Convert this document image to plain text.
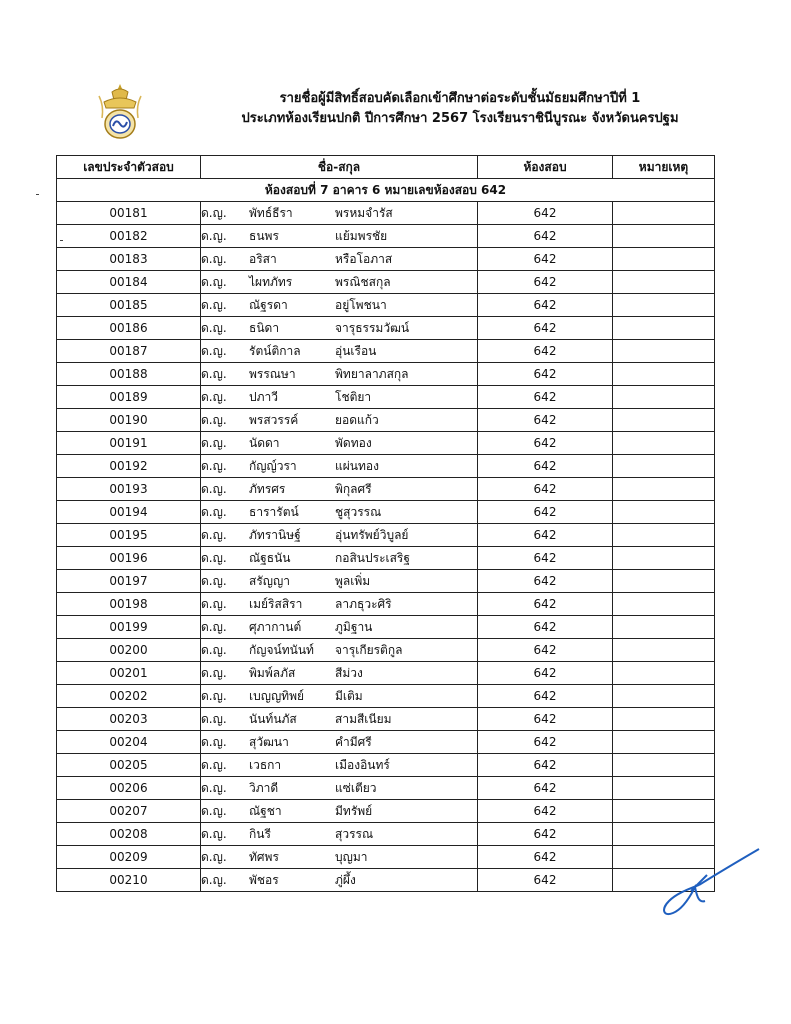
รายชื่อผู้มีสิทธิ์สอบคัดเลือกเข้าศึกษาต่อระดับชั้นมัธยมศึกษาปีที่ 1
ประเภทห้องเรียนปกติ ปีการศึกษา 2567 โรงเรียนราชินีบูรณะ จังหวัดนครปฐม
เลขประจำตัวสอบ	ชื่อ-สกุล	ห้องสอบ	หมายเหตุ
ห้องสอบที่ 7 อาคาร 6 หมายเลขห้องสอบ 642			
00181	ด.ญ. พัทธ์ธีรา พรหมจำรัส	642	
00182	ด.ญ. ธนพร แย้มพรชัย	642	
00183	ด.ญ. อริสา หรือโอภาส	642	
00184	ด.ญ. ไผทภัทร พรณิชสกุล	642	
00185	ด.ญ. ณัฐรดา อยู่โพชนา	642	
00186	ด.ญ. ธนิดา จารุธรรมวัฒน์	642	
00187	ด.ญ. รัตน์ติกาล อุ่นเรือน	642	
00188	ด.ญ. พรรณษา พิทยาลาภสกุล	642	
00189	ด.ญ. ปภาวี โชติยา	642	
00190	ด.ญ. พรสวรรค์ ยอดแก้ว	642	
00191	ด.ญ. นัดดา พัดทอง	642	
00192	ด.ญ. กัญญ์วรา แผ่นทอง	642	
00193	ด.ญ. ภัทรศร พิกุลศรี	642	
00194	ด.ญ. ธารารัตน์ ชูสุวรรณ	642	
00195	ด.ญ. ภัทรานิษฐ์ อุ่นทรัพย์วิบูลย์	642	
00196	ด.ญ. ณัฐธนัน กอสินประเสริฐ	642	
00197	ด.ญ. สรัญญา พูลเพิ่ม	642	
00198	ด.ญ. เมย์ริสสิรา ลาภธุวะศิริ	642	
00199	ด.ญ. ศุภากานต์ ภูมิฐาน	642	
00200	ด.ญ. กัญจน์ทนันท์ จารุเกียรติกูล	642	
00201	ด.ญ. พิมพ์ลภัส สีม่วง	642	
00202	ด.ญ. เบญญทิพย์ มีเติม	642	
00203	ด.ญ. นันท์นภัส สามสีเนียม	642	
00204	ด.ญ. สุวัฒนา คำมีศรี	642	
00205	ด.ญ. เวธกา เมืองอินทร์	642	
00206	ด.ญ. วิภาดี แซ่เตียว	642	
00207	ด.ญ. ณัฐชา มีทรัพย์	642	
00208	ด.ญ. กินรี สุวรรณ	642	
00209	ด.ญ. ทัศพร บุญมา	642	
00210	ด.ญ. พัชอร ภู่ผึ้ง	642	
